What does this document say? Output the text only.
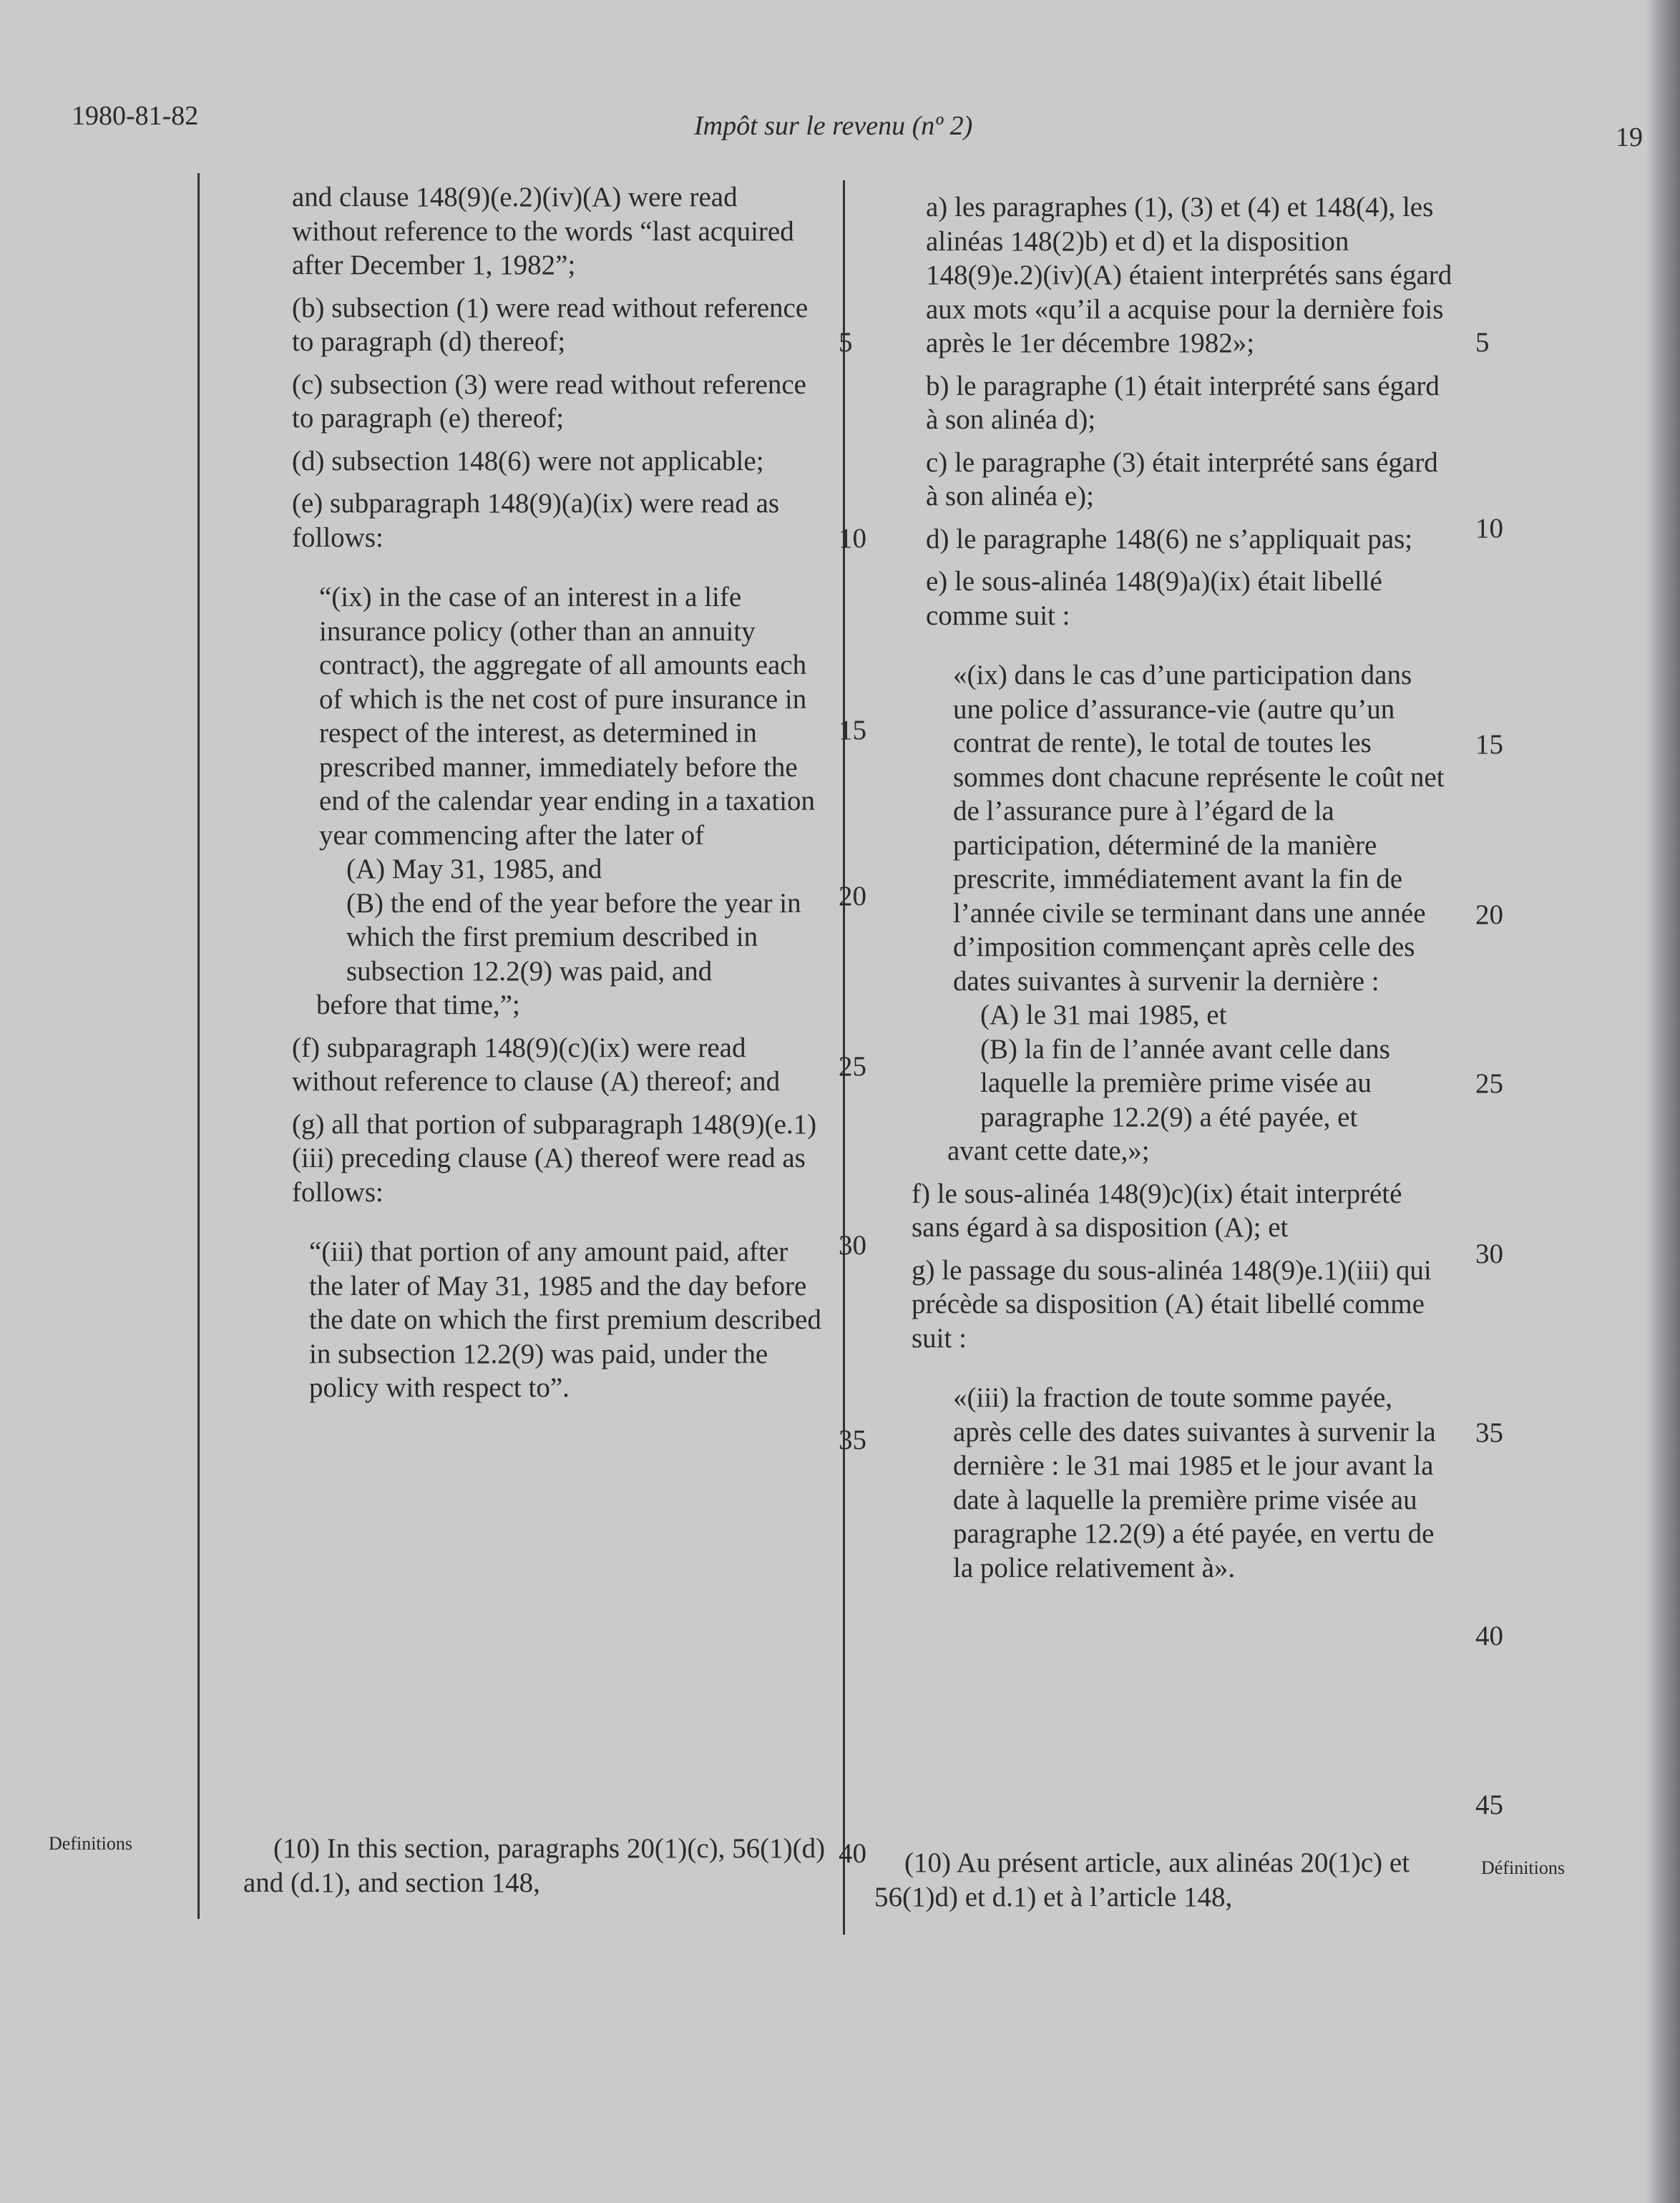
1980-81-82	Impôt sur le revenu (nº 2)	19

and clause 148(9)(e.2)(iv)(A) were read without reference to the words “last acquired after December 1, 1982”;

(b) subsection (1) were read without reference to paragraph (d) thereof;

(c) subsection (3) were read without reference to paragraph (e) thereof;

(d) subsection 148(6) were not applicable;

(e) subparagraph 148(9)(a)(ix) were read as follows:

“(ix) in the case of an interest in a life insurance policy (other than an annuity contract), the aggregate of all amounts each of which is the net cost of pure insurance in respect of the interest, as determined in prescribed manner, immediately before the end of the calendar year ending in a taxation year commencing after the later of

(A) May 31, 1985, and

(B) the end of the year before the year in which the first premium described in subsection 12.2(9) was paid, and

before that time,”;

(f) subparagraph 148(9)(c)(ix) were read without reference to clause (A) thereof; and

(g) all that portion of subparagraph 148(9)(e.1)(iii) preceding clause (A) thereof were read as follows:

“(iii) that portion of any amount paid, after the later of May 31, 1985 and the day before the date on which the first premium described in subsection 12.2(9) was paid, under the policy with respect to”.

5
10
15
20
25
30
35
40

a) les paragraphes (1), (3) et (4) et 148(4), les alinéas 148(2)b) et d) et la disposition 148(9)e.2)(iv)(A) étaient interprétés sans égard aux mots «qu’il a acquise pour la dernière fois après le 1er décembre 1982»;

b) le paragraphe (1) était interprété sans égard à son alinéa d);

c) le paragraphe (3) était interprété sans égard à son alinéa e);

d) le paragraphe 148(6) ne s’appliquait pas;

e) le sous-alinéa 148(9)a)(ix) était libellé comme suit :

«(ix) dans le cas d’une participation dans une police d’assurance-vie (autre qu’un contrat de rente), le total de toutes les sommes dont chacune représente le coût net de l’assurance pure à l’égard de la participation, déterminé de la manière prescrite, immédiatement avant la fin de l’année civile se terminant dans une année d’imposition commençant après celle des dates suivantes à survenir la dernière :

(A) le 31 mai 1985, et

(B) la fin de l’année avant celle dans laquelle la première prime visée au paragraphe 12.2(9) a été payée, et

avant cette date,»;

f) le sous-alinéa 148(9)c)(ix) était interprété sans égard à sa disposition (A); et

g) le passage du sous-alinéa 148(9)e.1)(iii) qui précède sa disposition (A) était libellé comme suit :

«(iii) la fraction de toute somme payée, après celle des dates suivantes à survenir la dernière : le 31 mai 1985 et le jour avant la date à laquelle la première prime visée au paragraphe 12.2(9) a été payée, en vertu de la police relativement à».

5
10
15
20
25
30
35
40
45
Definitions
Définitions

(10) In this section, paragraphs 20(1)(c), 56(1)(d) and (d.1), and section 148,

(10) Au présent article, aux alinéas 20(1)c) et 56(1)d) et d.1) et à l’article 148,
